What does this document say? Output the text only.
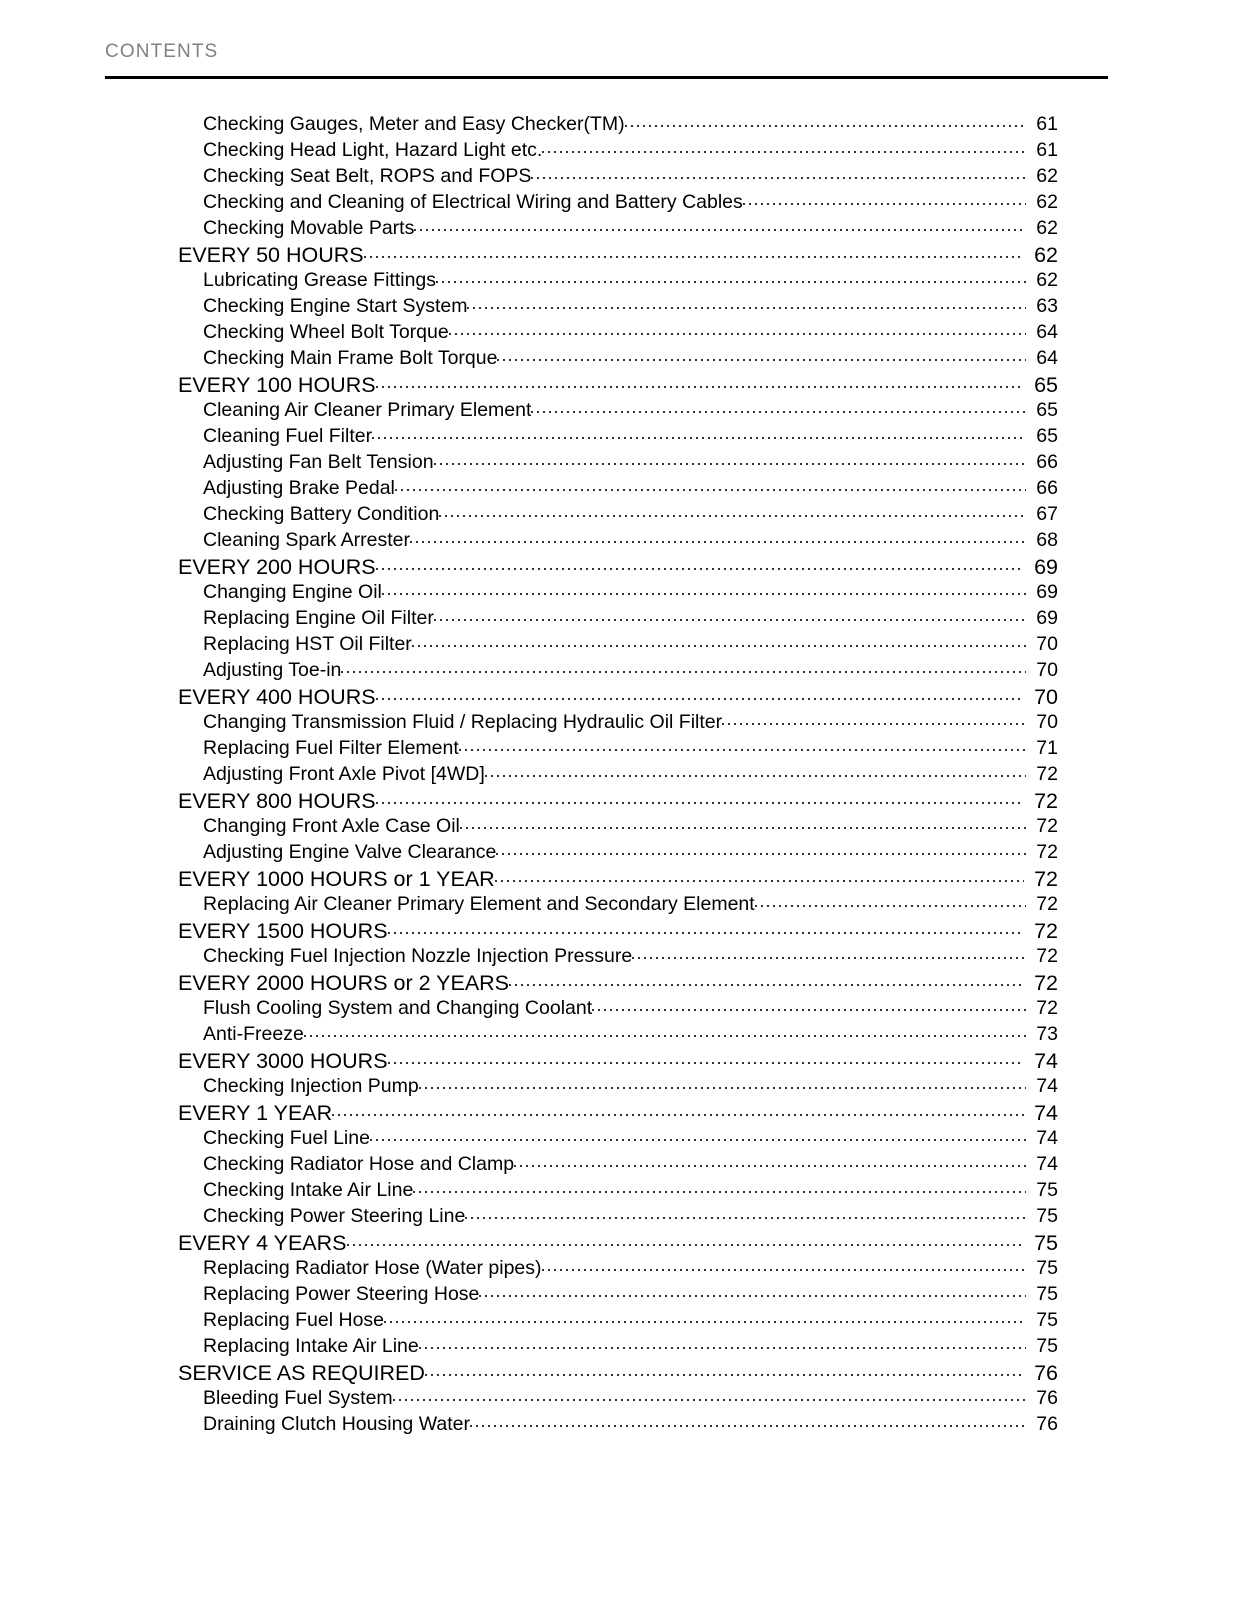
CONTENTS
Checking Gauges, Meter and Easy Checker(TM)	61
Checking Head Light, Hazard Light etc.	61
Checking Seat Belt, ROPS and FOPS	62
Checking and Cleaning of Electrical Wiring and Battery Cables	62
Checking Movable Parts	62
EVERY 50 HOURS	62
Lubricating Grease Fittings	62
Checking Engine Start System	63
Checking Wheel Bolt Torque	64
Checking Main Frame Bolt Torque	64
EVERY 100 HOURS	65
Cleaning Air Cleaner Primary Element	65
Cleaning Fuel Filter	65
Adjusting Fan Belt Tension	66
Adjusting Brake Pedal	66
Checking Battery Condition	67
Cleaning Spark Arrester	68
EVERY 200 HOURS	69
Changing Engine Oil	69
Replacing Engine Oil Filter	69
Replacing HST Oil Filter	70
Adjusting Toe-in	70
EVERY 400 HOURS	70
Changing Transmission Fluid / Replacing Hydraulic Oil Filter	70
Replacing Fuel Filter Element	71
Adjusting Front Axle Pivot [4WD]	72
EVERY 800 HOURS	72
Changing Front Axle Case Oil	72
Adjusting Engine Valve Clearance	72
EVERY 1000 HOURS or 1 YEAR	72
Replacing Air Cleaner Primary Element and Secondary Element	72
EVERY 1500 HOURS	72
Checking Fuel Injection Nozzle Injection Pressure	72
EVERY 2000 HOURS or 2 YEARS	72
Flush Cooling System and Changing Coolant	72
Anti-Freeze	73
EVERY 3000 HOURS	74
Checking Injection Pump	74
EVERY 1 YEAR	74
Checking Fuel Line	74
Checking Radiator Hose and Clamp	74
Checking Intake Air Line	75
Checking Power Steering Line	75
EVERY 4 YEARS	75
Replacing Radiator Hose (Water pipes)	75
Replacing Power Steering Hose	75
Replacing Fuel Hose	75
Replacing Intake Air Line	75
SERVICE AS REQUIRED	76
Bleeding Fuel System	76
Draining Clutch Housing Water	76
